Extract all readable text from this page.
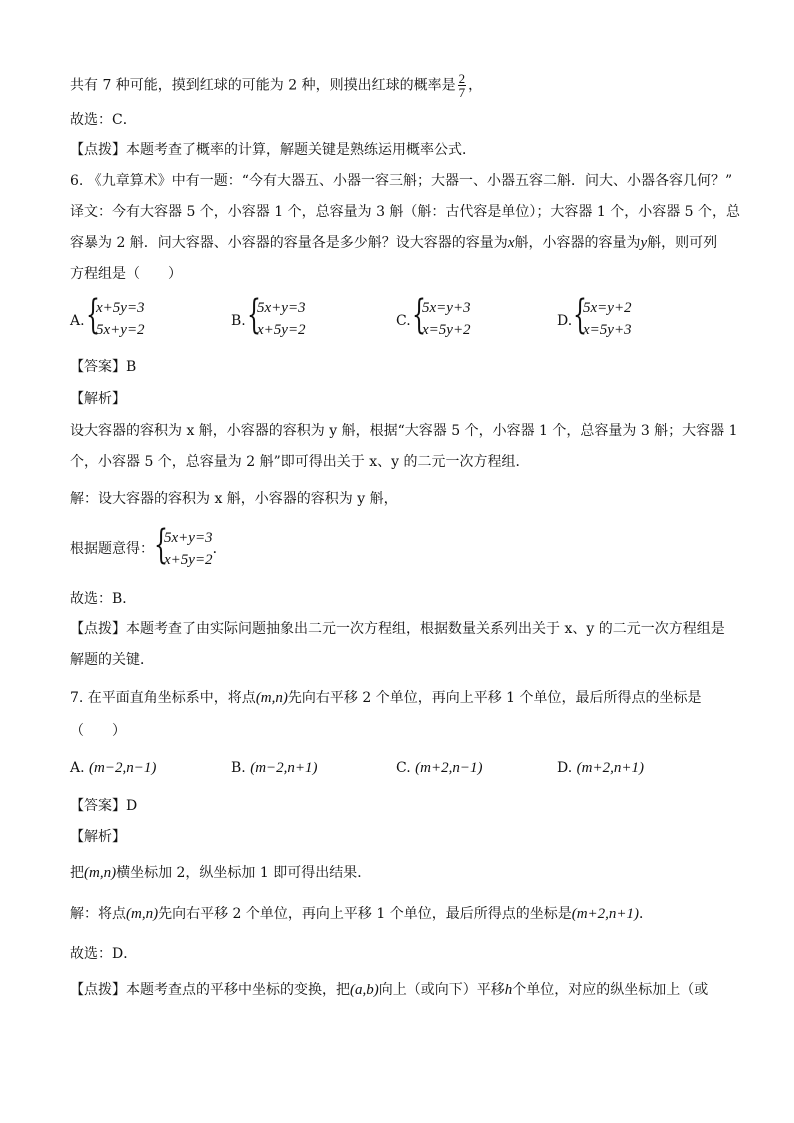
共有 7 种可能，摸到红球的可能为 2 种，则摸出红球的概率是 $\frac{2}{7}$ ，
故选：C．
【点拨】本题考查了概率的计算，解题关键是熟练运用概率公式．
6. 《九章算术》中有一题：“今有大器五、小器一容三斛；大器一、小器五容二斛．问大、小器各容几何？”
译文：今有大容器 5 个，小容器 1 个，总容量为 3 斛（斛：古代容是单位）；大容器 1 个，小容器 5 个，总
容暴为 2 斛．问大容器、小容器的容量各是多少斛？设大容器的容量为x斛，小容器的容量为y斛，则可列
方程组是（　　）
A. {
x+5y=3
5x+y=2
B. {
5x+y=3
x+5y=2
C. {
5x=y+3
x=5y+2
D. {
5x=y+2
x=5y+3
【答案】B
【解析】
设大容器的容积为 x 斛，小容器的容积为 y 斛，根据“大容器 5 个，小容器 1 个，总容量为 3 斛；大容器 1
个，小容器 5 个，总容量为 2 斛”即可得出关于 x、y 的二元一次方程组．
解：设大容器的容积为 x 斛，小容器的容积为 y 斛，
根据题意得： {
5x+y=3
x+5y=2
．
故选：B．
【点拨】本题考查了由实际问题抽象出二元一次方程组，根据数量关系列出关于 x、y 的二元一次方程组是
解题的关键．
7. 在平面直角坐标系中，将点(m,n)先向右平移 2 个单位，再向上平移 1 个单位，最后所得点的坐标是
（　　）
A. (m−2,n−1)	B. (m−2,n+1)	C. (m+2,n−1)	D. (m+2,n+1)
【答案】D
【解析】
把(m,n)横坐标加 2，纵坐标加 1 即可得出结果．
解：将点(m,n)先向右平移 2 个单位，再向上平移 1 个单位，最后所得点的坐标是(m+2,n+1)．
故选：D．
【点拨】本题考查点的平移中坐标的变换，把(a,b)向上（或向下）平移h个单位，对应的纵坐标加上（或
